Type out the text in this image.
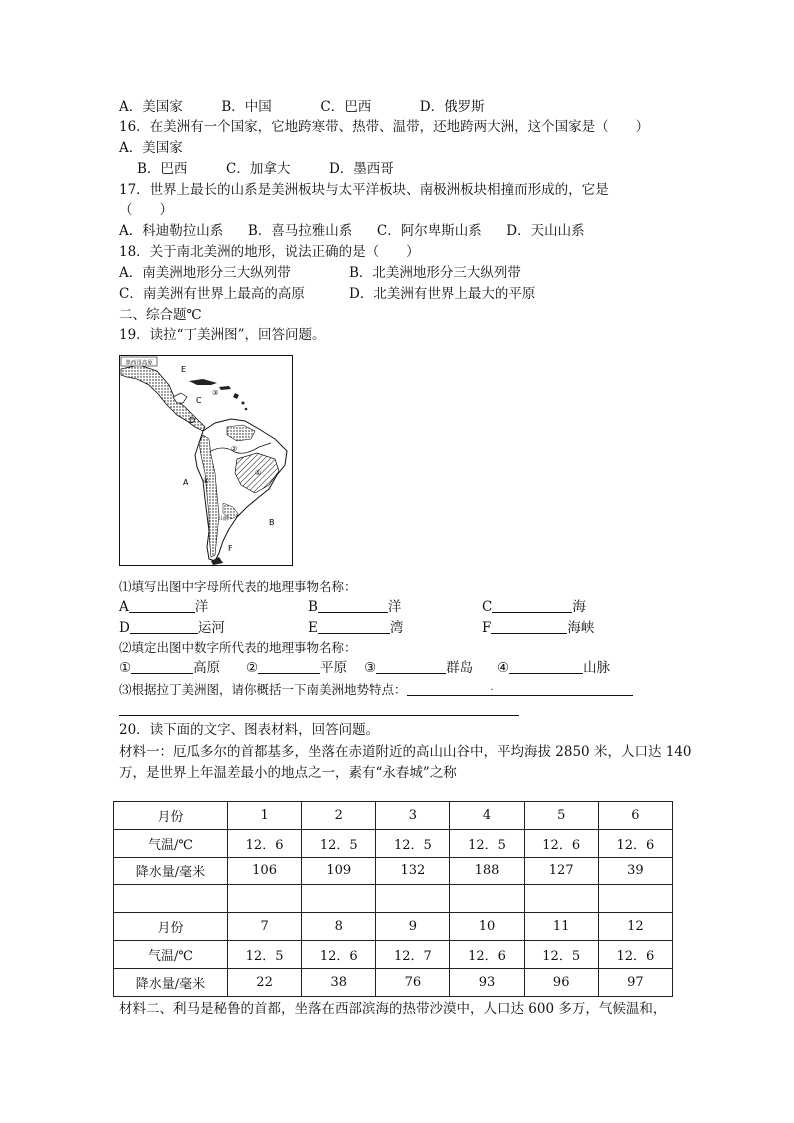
A．美国家	B．中国	C．巴西	D．俄罗斯
16．在美洲有一个国家，它地跨寒带、热带、温带，还地跨两大洲，这个国家是（　　）
A．美国家
B．巴西	C．加拿大	D．墨西哥
17．世界上最长的山系是美洲板块与太平洋板块、南极洲板块相撞而形成的，它是
（　　）
A．科迪勒拉山系 B．喜马拉雅山系 C．阿尔卑斯山系 D．天山山系
18．关于南北美洲的地形，说法正确的是（　　）
A．南美洲地形分三大纵列带	B．北美洲地形分三大纵列带
C．南美洲有世界上最高的高原	D．北美洲有世界上最大的平原
二、综合题℃
19．读拉“丁美洲图”，回答问题。
墨西哥高原
E
③
C
D
②
①
④
A
B
山脉
F
⑴填写出图中字母所代表的地理事物名称：
A	洋	B	洋	C	海
D	运河	E	湾	F	海峡
⑵填定出图中数字所代表的地理事物名称：
①	高原 ②	平原 ③	群岛 ④	山脉
⑶根据拉丁美洲图，请你概括一下南美洲地势特点：	.
20．读下面的文字、图表材料，回答问题。
材料一：厄瓜多尔的首都基多，坐落在赤道附近的高山山谷中，平均海拔 2850 米，人口达 140
万，是世界上年温差最小的地点之一，素有“永春城”之称
月份	1	2	3	4	5	6
气温/℃	12．6	12．5	12．5	12．5	12．6	12．6
降水量/毫米	106	109	132	188	127	39

月份	7	8	9	10	11	12
气温/℃	12．5	12．6	12．7	12．6	12．5	12．6
降水量/毫米	22	38	76	93	96	97
材料二、利马是秘鲁的首都，坐落在西部滨海的热带沙漠中，人口达 600 多万，气候温和，
